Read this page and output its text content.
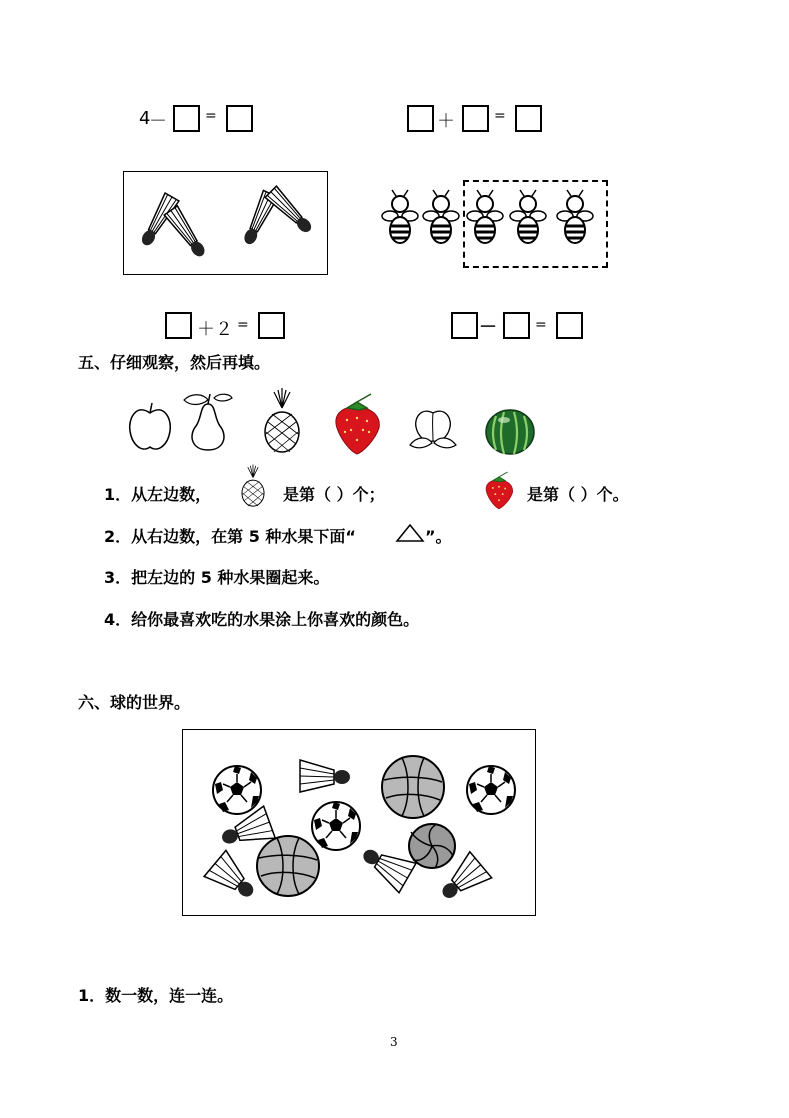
4
－	=	＋	=
＋２ =	－	=
五、仔细观察，然后再填。
1．从左边数，	是第（ ）个；	是第（ ）个。
2．从右边数，在第 5 种水果下面“	”。
3．把左边的 5 种水果圈起来。
4．给你最喜欢吃的水果涂上你喜欢的颜色。
六、球的世界。
1．数一数，连一连。
3
